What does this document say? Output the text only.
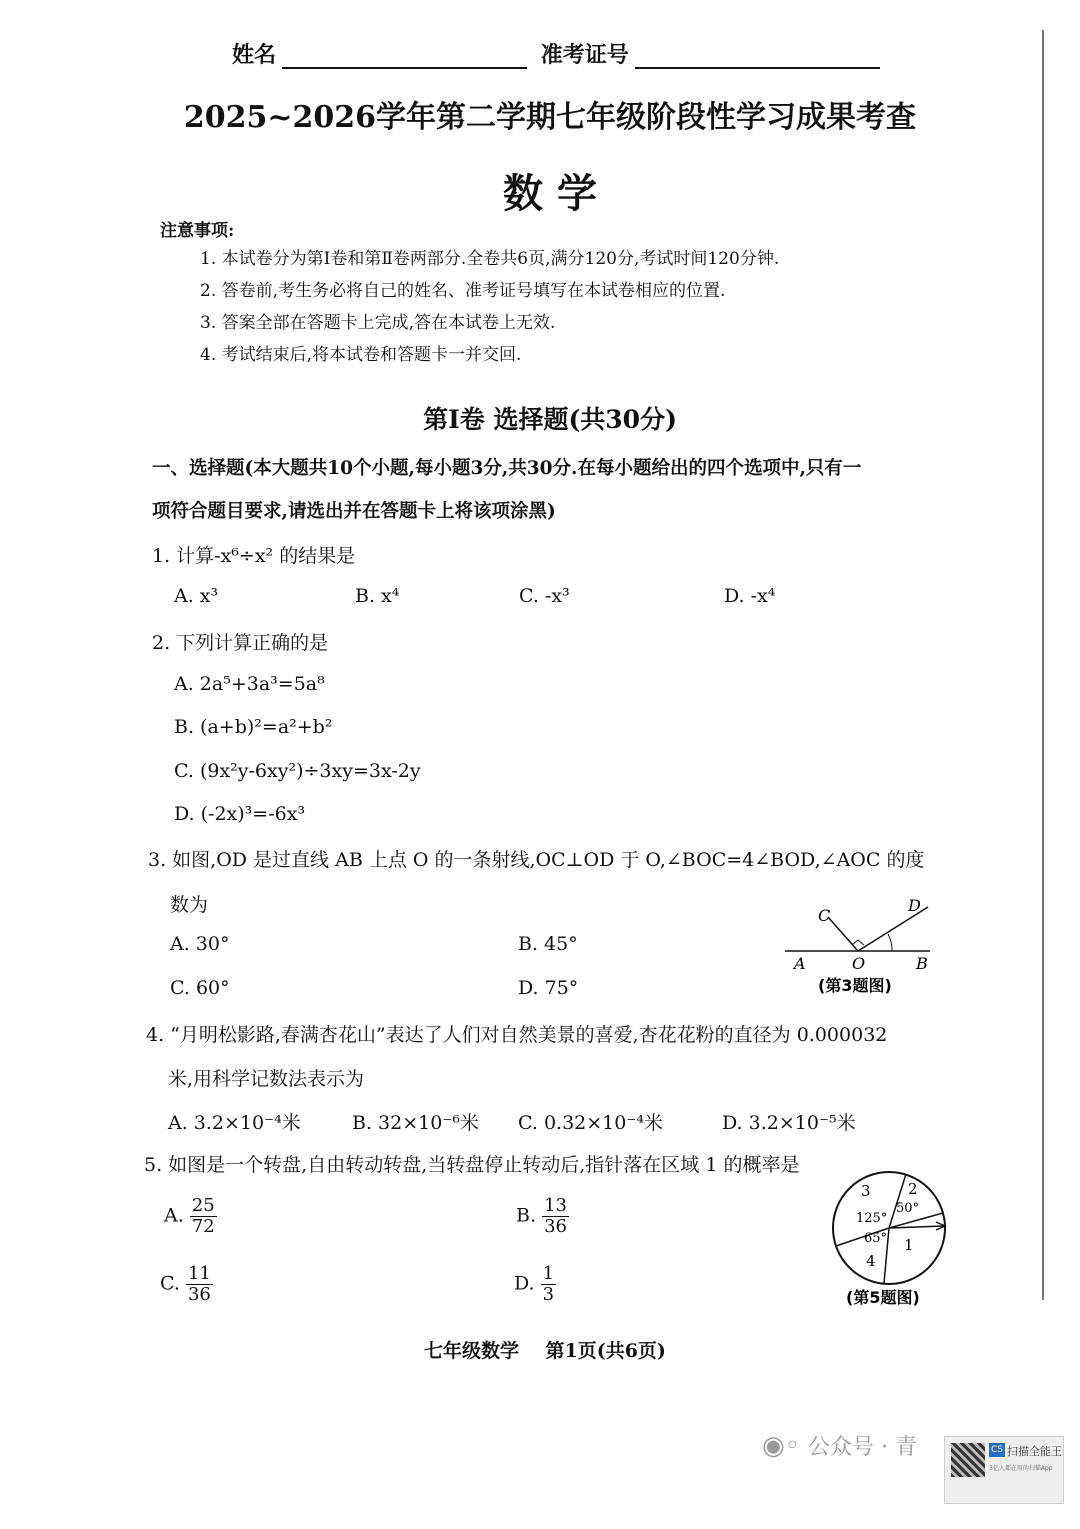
姓名	准考证号
2025~2026学年第二学期七年级阶段性学习成果考查
数 学
注意事项:
1. 本试卷分为第Ⅰ卷和第Ⅱ卷两部分.全卷共6页,满分120分,考试时间120分钟.
2. 答卷前,考生务必将自己的姓名、准考证号填写在本试卷相应的位置.
3. 答案全部在答题卡上完成,答在本试卷上无效.
4. 考试结束后,将本试卷和答题卡一并交回.
第Ⅰ卷 选择题(共30分)
一、选择题(本大题共10个小题,每小题3分,共30分.在每小题给出的四个选项中,只有一
项符合题目要求,请选出并在答题卡上将该项涂黑)
1. 计算-x⁶÷x² 的结果是
A. x³	B. x⁴	C. -x³	D. -x⁴
2. 下列计算正确的是
A. 2a⁵+3a³=5a⁸
B. (a+b)²=a²+b²
C. (9x²y-6xy²)÷3xy=3x-2y
D. (-2x)³=-6x³
3. 如图,OD 是过直线 AB 上点 O 的一条射线,OC⊥OD 于 O,∠BOC=4∠BOD,∠AOC 的度
数为
A. 30°	B. 45°
C. 60°	D. 75°
C
D
A	O	B
(第3题图)
4. “月明松影路,春满杏花山”表达了人们对自然美景的喜爱,杏花花粉的直径为 0.000032
米,用科学记数法表示为
A. 3.2×10⁻⁴米	B. 32×10⁻⁶米 C. 0.32×10⁻⁴米	D. 3.2×10⁻⁵米
5. 如图是一个转盘,自由转动转盘,当转盘停止转动后,指针落在区域 1 的概率是
A. $\frac{25}{72}$	B. $\frac{13}{36}$
C. $\frac{11}{36}$	D. $\frac{1}{3}$
3 2
1
4
125°
50°
65°
(第5题图)
七年级数学    第1页(共6页)
◉◦ 公众号 · 青	CS 扫描全能王
3亿人都在用的扫描App
